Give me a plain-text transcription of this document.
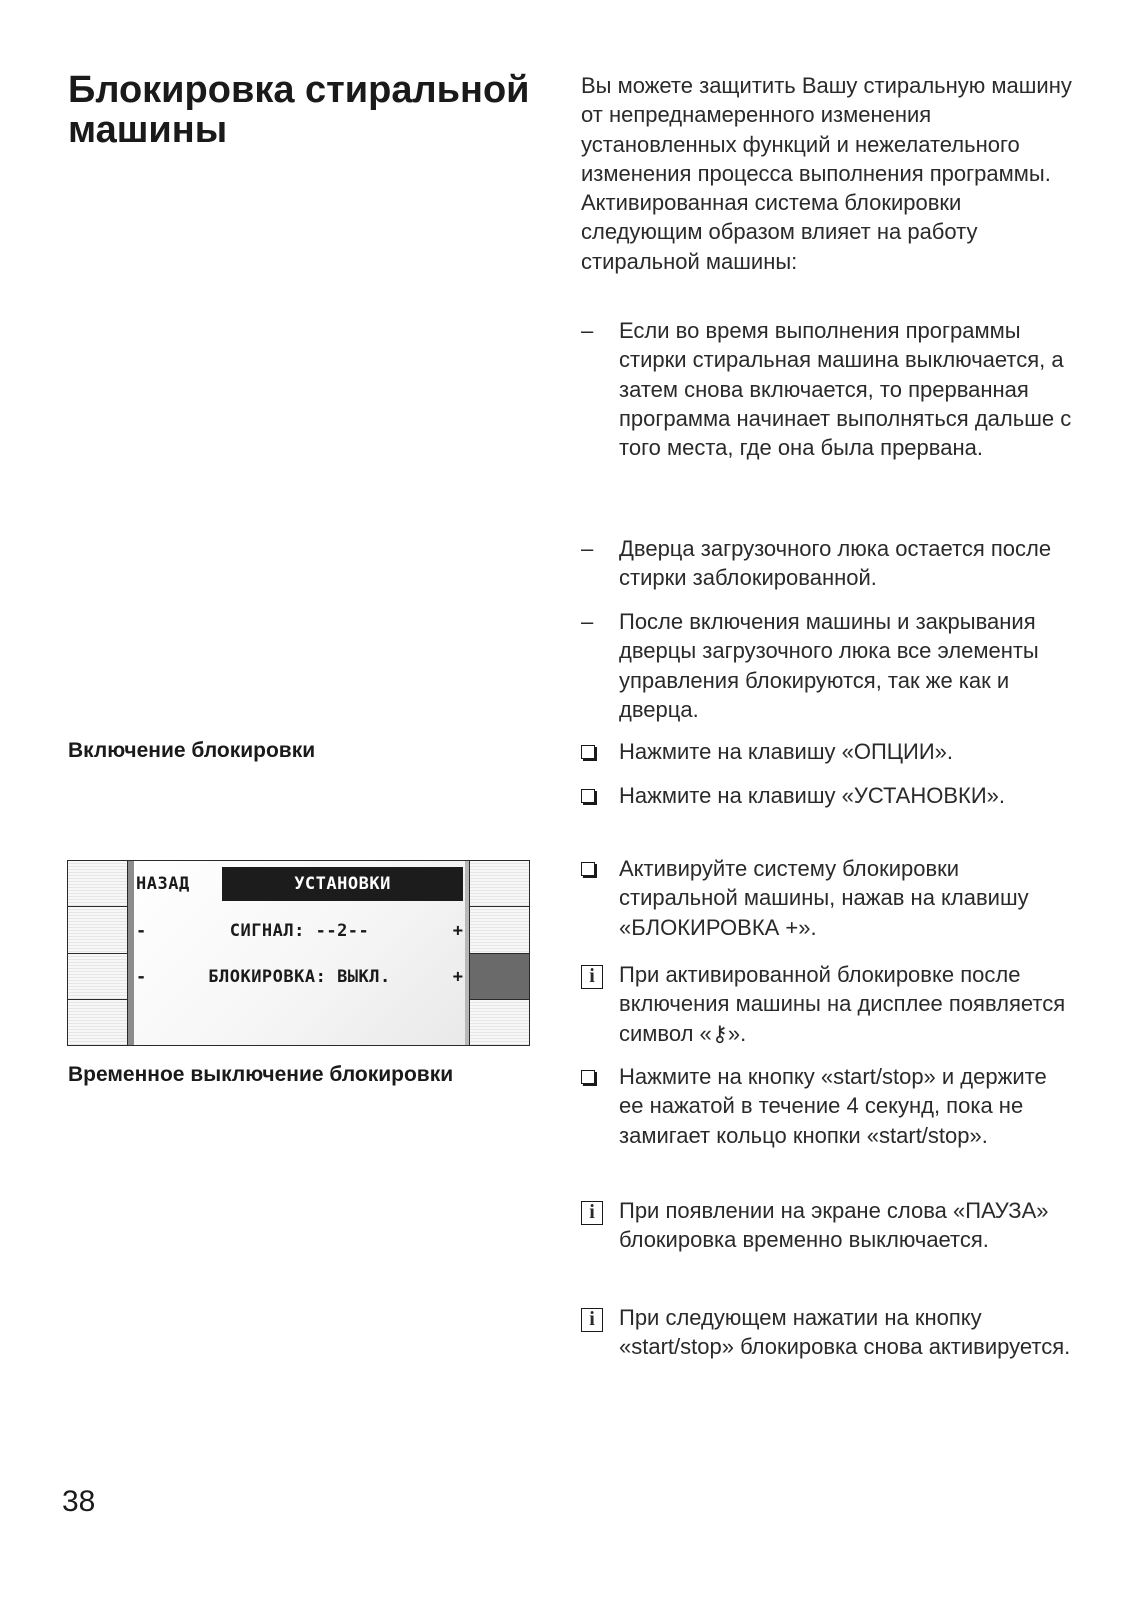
Блокировка стиральной машины
Включение блокировки
НАЗАД	УСТАНОВКИ
-	СИГНАЛ: --2--	+
-	БЛОКИРОВКА: ВЫКЛ.	+
Временное выключение блокировки

Вы можете защитить Вашу стиральную машину от непреднамеренного изменения установленных функций и нежелательного изменения процесса выполнения программы.

Активированная система блокировки следующим образом влияет на работу стиральной машины:

–	Если во время выполнения программы стирки стиральная машина выключается, а затем снова включается, то прерванная программа начинает выполняться дальше с того места, где она была прервана.
–	Дверца загрузочного люка остается после стирки заблокированной.
–	После включения машины и закрывания дверцы загрузочного люка все элементы управления блокируются, так же как и дверца.
Нажмите на клавишу «ОПЦИИ».
Нажмите на клавишу «УСТАНОВКИ».
Активируйте систему блокировки стиральной машины, нажав на клавишу «БЛОКИРОВКА +».
i	При активированной блокировке после включения машины на дисплее появляется символ «⚷».
Нажмите на кнопку «start/stop» и держите ее нажатой в течение 4 секунд, пока не замигает кольцо кнопки «start/stop».
i	При появлении на экране слова «ПАУЗА» блокировка временно выключается.
i	При следующем нажатии на кнопку «start/stop» блокировка снова активируется.
38
